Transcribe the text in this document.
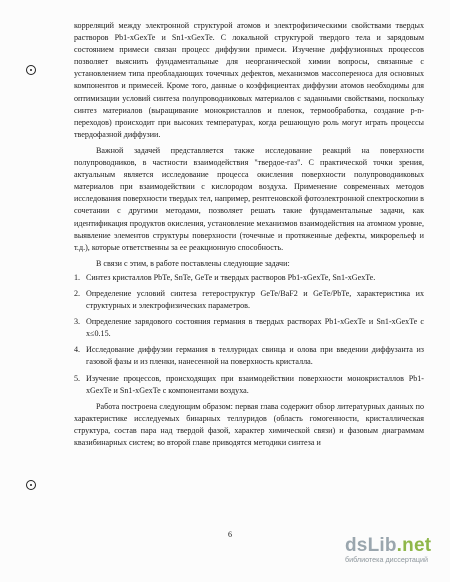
корреляций между электронной структурой атомов и электрофизическими свойствами твердых растворов Pb1-xGexTe и Sn1-xGexTe. С локальной структурой твердого тела и зарядовым состоянием примеси связан процесс диффузии примеси. Изучение диффузионных процессов позволяет выяснить фундаментальные для неорганической химии вопросы, связанные с установлением типа преобладающих точечных дефектов, механизмов массопереноса для основных компонентов и примесей. Кроме того, данные о коэффициентах диффузии атомов необходимы для оптимизации условий синтеза полупроводниковых материалов с заданными свойствами, поскольку синтез материалов (выращивание монокристаллов и пленок, термообработка, создание p-n-переходов) происходит при высоких температурах, когда решающую роль могут играть процессы твердофазной диффузии.

Важной задачей представляется также исследование реакций на поверхности полупроводников, в частности взаимодействия "твердое-газ". С практической точки зрения, актуальным является исследование процесса окисления поверхности полупроводниковых материалов при взаимодействии с кислородом воздуха. Применение современных методов исследования поверхности твердых тел, например, рентгеновской фотоэлектронной спектроскопии в сочетании с другими методами, позволяет решать такие фундаментальные задачи, как идентификация продуктов окисления, установление механизмов взаимодействия на атомном уровне, выявление элементов структуры поверхности (точечные и протяженные дефекты, микрорельеф и т.д.), которые ответственны за ее реакционную способность.

В связи с этим, в работе поставлены следующие задачи:

1. Синтез кристаллов PbTe, SnTe, GeTe и твердых растворов Pb1-xGexTe, Sn1-xGexTe.
2. Определение условий синтеза гетероструктур GeTe/BaF2 и GeTe/PbTe, характеристика их структурных и электрофизических параметров.
3. Определение зарядового состояния германия в твердых растворах Pb1-xGexTe и Sn1-xGexTe с x≤0.15.
4. Исследование диффузии германия в теллуридах свинца и олова при введении диффузанта из газовой фазы и из пленки, нанесенной на поверхность кристалла.
5. Изучение процессов, происходящих при взаимодействии поверхности монокристаллов Pb1-xGexTe и Sn1-xGexTe с компонентами воздуха.

Работа построена следующим образом: первая глава содержит обзор литературных данных по характеристике исследуемых бинарных теллуридов (область гомогенности, кристаллическая структура, состав пара над твердой фазой, характер химической связи) и фазовым диаграммам квазибинарных систем; во второй главе приводятся методики синтеза и

6
dsLib.net
библиотека диссертаций
